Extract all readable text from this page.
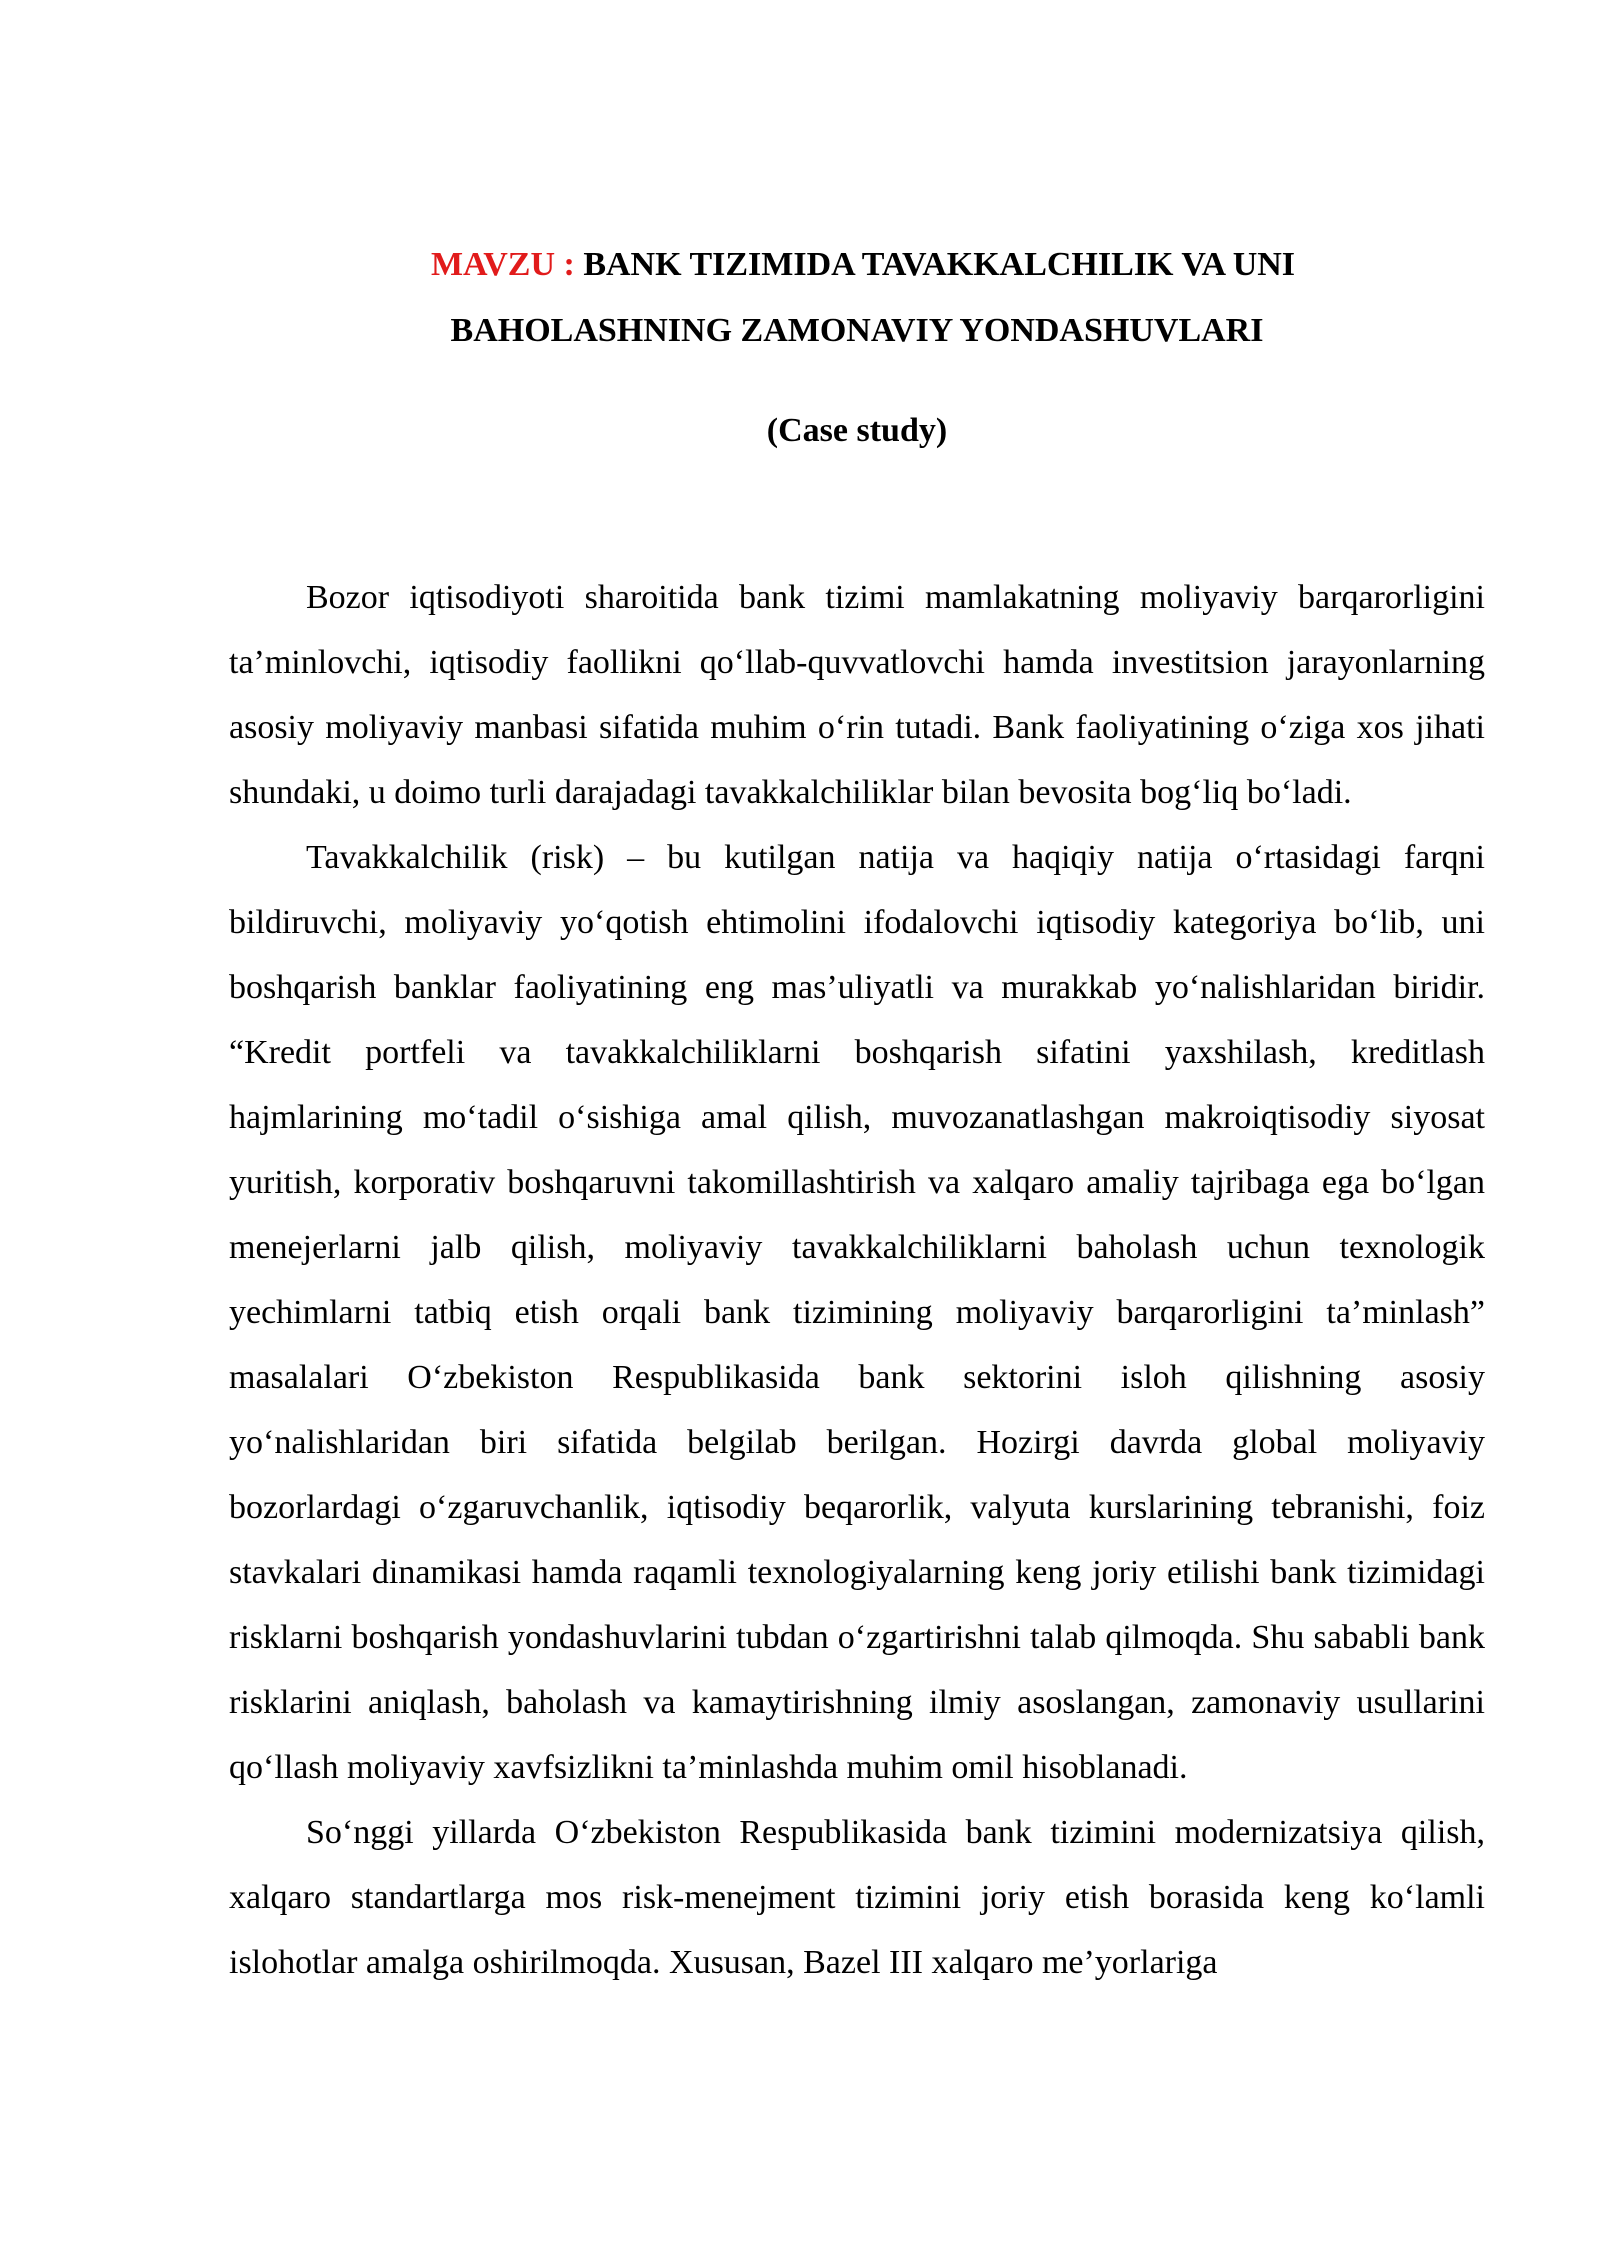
MAVZU : BANK TIZIMIDA TAVAKKALCHILIK VA UNI
BAHOLASHNING ZAMONAVIY YONDASHUVLARI
(Case study)

Bozor iqtisodiyoti sharoitida bank tizimi mamlakatning moliyaviy barqarorligini ta’minlovchi, iqtisodiy faollikni qo‘llab-quvvatlovchi hamda investitsion jarayonlarning asosiy moliyaviy manbasi sifatida muhim o‘rin tutadi. Bank faoliyatining o‘ziga xos jihati shundaki, u doimo turli darajadagi tavakkalchiliklar bilan bevosita bog‘liq bo‘ladi.

Tavakkalchilik (risk) – bu kutilgan natija va haqiqiy natija o‘rtasidagi farqni bildiruvchi, moliyaviy yo‘qotish ehtimolini ifodalovchi iqtisodiy kategoriya bo‘lib, uni boshqarish banklar faoliyatining eng mas’uliyatli va murakkab yo‘nalishlaridan biridir. “Kredit portfeli va tavakkalchiliklarni boshqarish sifatini yaxshilash, kreditlash hajmlarining mo‘tadil o‘sishiga amal qilish, muvozanatlashgan makroiqtisodiy siyosat yuritish, korporativ boshqaruvni takomillashtirish va xalqaro amaliy tajribaga ega bo‘lgan menejerlarni jalb qilish, moliyaviy tavakkalchiliklarni baholash uchun texnologik yechimlarni tatbiq etish orqali bank tizimining moliyaviy barqarorligini ta’minlash” masalalari O‘zbekiston Respublikasida bank sektorini isloh qilishning asosiy yo‘nalishlaridan biri sifatida belgilab berilgan. Hozirgi davrda global moliyaviy bozorlardagi o‘zgaruvchanlik, iqtisodiy beqarorlik, valyuta kurslarining tebranishi, foiz stavkalari dinamikasi hamda raqamli texnologiyalarning keng joriy etilishi bank tizimidagi risklarni boshqarish yondashuvlarini tubdan o‘zgartirishni talab qilmoqda. Shu sababli bank risklarini aniqlash, baholash va kamaytirishning ilmiy asoslangan, zamonaviy usullarini qo‘llash moliyaviy xavfsizlikni ta’minlashda muhim omil hisoblanadi.

So‘nggi yillarda O‘zbekiston Respublikasida bank tizimini modernizatsiya qilish, xalqaro standartlarga mos risk-menejment tizimini joriy etish borasida keng ko‘lamli islohotlar amalga oshirilmoqda. Xususan, Bazel III xalqaro me’yorlariga
